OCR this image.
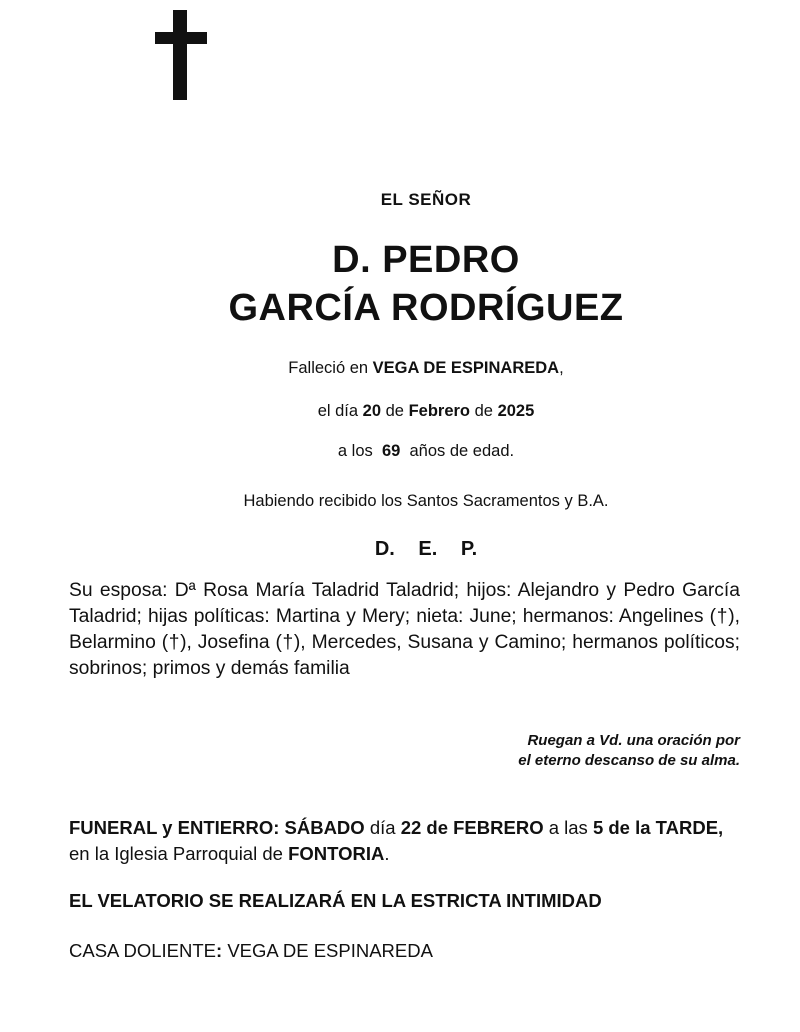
EL SEÑOR
D. PEDRO
GARCÍA RODRÍGUEZ
Falleció en VEGA DE ESPINAREDA,
el día 20 de Febrero de 2025
a los 69 años de edad.
Habiendo recibido los Santos Sacramentos y B.A.
D. E. P.
Su esposa: Dª Rosa María Taladrid Taladrid; hijos: Alejandro y Pedro García Taladrid; hijas políticas: Martina y Mery; nieta: June; hermanos: Angelines (†), Belarmino (†), Josefina (†), Mercedes, Susana y Camino; hermanos políticos; sobrinos; primos y demás familia
Ruegan a Vd. una oración por
el eterno descanso de su alma.
FUNERAL y ENTIERRO: SÁBADO día 22 de FEBRERO a las 5 de la TARDE,
en la Iglesia Parroquial de FONTORIA.
EL VELATORIO SE REALIZARÁ EN LA ESTRICTA INTIMIDAD
CASA DOLIENTE: VEGA DE ESPINAREDA
